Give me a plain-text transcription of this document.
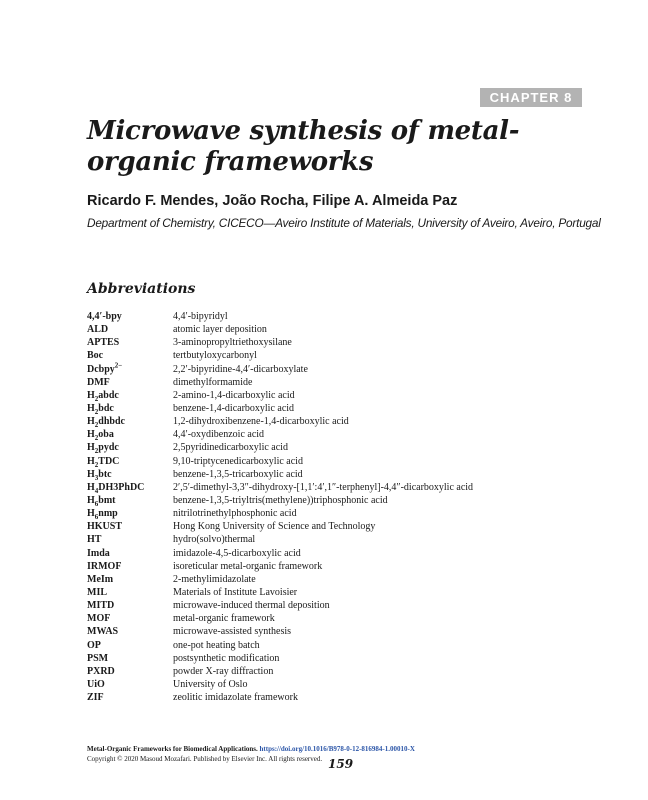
CHAPTER 8
Microwave synthesis of metal-organic frameworks
Ricardo F. Mendes, João Rocha, Filipe A. Almeida Paz
Department of Chemistry, CICECO—Aveiro Institute of Materials, University of Aveiro, Aveiro, Portugal
Abbreviations
4,4′-bpy	4,4′-bipyridyl
ALD	atomic layer deposition
APTES	3-aminopropyltriethoxysilane
Boc	tertbutyloxycarbonyl
Dcbpy$^{2-}$	2,2′-bipyridine-4,4′-dicarboxylate
DMF	dimethylformamide
$H_2abdc$	2-amino-1,4-dicarboxylic acid
$H_2bdc$	benzene-1,4-dicarboxylic acid
$H_2dhbdc$	1,2-dihydroxibenzene-1,4-dicarboxylic acid
$H_2oba$	4,4′-oxydibenzoic acid
$H_2pydc$	2,5pyridinedicarboxylic acid
$H_2TDC$	9,10-triptycenedicarboxylic acid
$H_3btc$	benzene-1,3,5-tricarboxylic acid
$H_4DH3PhDC$	2′,5′-dimethyl-3,3″-dihydroxy-[1,1′:4′,1″-terphenyl]-4,4″-dicarboxylic acid
$H_6bmt$	benzene-1,3,5-triyltris(methylene))triphosphonic acid
$H_6nmp$	nitrilotrinethylphosphonic acid
HKUST	Hong Kong University of Science and Technology
HT	hydro(solvo)thermal
Imda	imidazole-4,5-dicarboxylic acid
IRMOF	isoreticular metal-organic framework
MeIm	2-methylimidazolate
MIL	Materials of Institute Lavoisier
MITD	microwave-induced thermal deposition
MOF	metal-organic framework
MWAS	microwave-assisted synthesis
OP	one-pot heating batch
PSM	postsynthetic modification
PXRD	powder X-ray diffraction
UiO	University of Oslo
ZIF	zeolitic imidazolate framework
Metal-Organic Frameworks for Biomedical Applications. https://doi.org/10.1016/B978-0-12-816984-1.00010-X
Copyright © 2020 Masoud Mozafari. Published by Elsevier Inc. All rights reserved. 159
